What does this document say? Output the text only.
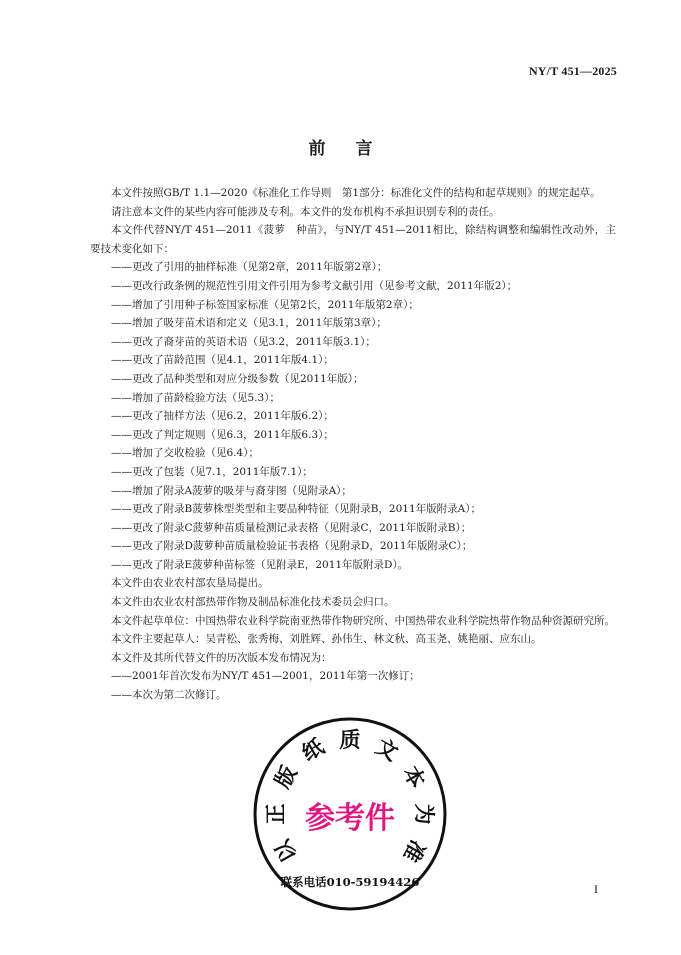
NY/T 451—2025
前 言

本文件按照GB/T 1.1—2020《标准化工作导则　第1部分：标准化文件的结构和起草规则》的规定起草。

请注意本文件的某些内容可能涉及专利。本文件的发布机构不承担识别专利的责任。

本文件代替NY/T 451—2011《菠萝　种苗》，与NY/T 451—2011相比，除结构调整和编辑性改动外，主要技术变化如下：

——更改了引用的抽样标准（见第2章，2011年版第2章）；

——更改行政条例的规范性引用文件引用为参考文献引用（见参考文献，2011年版2）；

——增加了引用种子标签国家标准（见第2长，2011年版第2章）；

——增加了吸芽苗术语和定义（见3.1，2011年版第3章）；

——更改了裔芽苗的英语术语（见3.2，2011年版3.1）；

——更改了苗龄范围（见4.1，2011年版4.1）；

——更改了品种类型和对应分级参数（见2011年版）；

——增加了苗龄检验方法（见5.3）；

——更改了抽样方法（见6.2，2011年版6.2）；

——更改了判定规则（见6.3，2011年版6.3）；

——增加了交收检验（见6.4）；

——更改了包装（见7.1，2011年版7.1）；

——增加了附录A菠萝的吸芽与裔芽图（见附录A）；

——更改了附录B菠萝株型类型和主要品种特征（见附录B，2011年版附录A）；

——更改了附录C菠萝种苗质量检测记录表格（见附录C，2011年版附录B）；

——更改了附录D菠萝种苗质量检验证书表格（见附录D，2011年版附录C）；

——更改了附录E菠萝种苗标签（见附录E，2011年版附录D）。

本文件由农业农村部农垦局提出。

本文件由农业农村部热带作物及制品标准化技术委员会归口。

本文件起草单位：中国热带农业科学院南亚热带作物研究所、中国热带农业科学院热带作物品种资源研究所。

本文件主要起草人：吴青松、张秀梅、刘胜辉、孙伟生、林文秋、高玉尧、姚艳丽、应东山。

本文件及其所代替文件的历次版本发布情况为：

——2001年首次发布为NY/T 451—2001，2011年第一次修订；

——本次为第二次修订。

以
正
版
纸 质 文
本
为
准
参考件
联系电话010-59194426	I
